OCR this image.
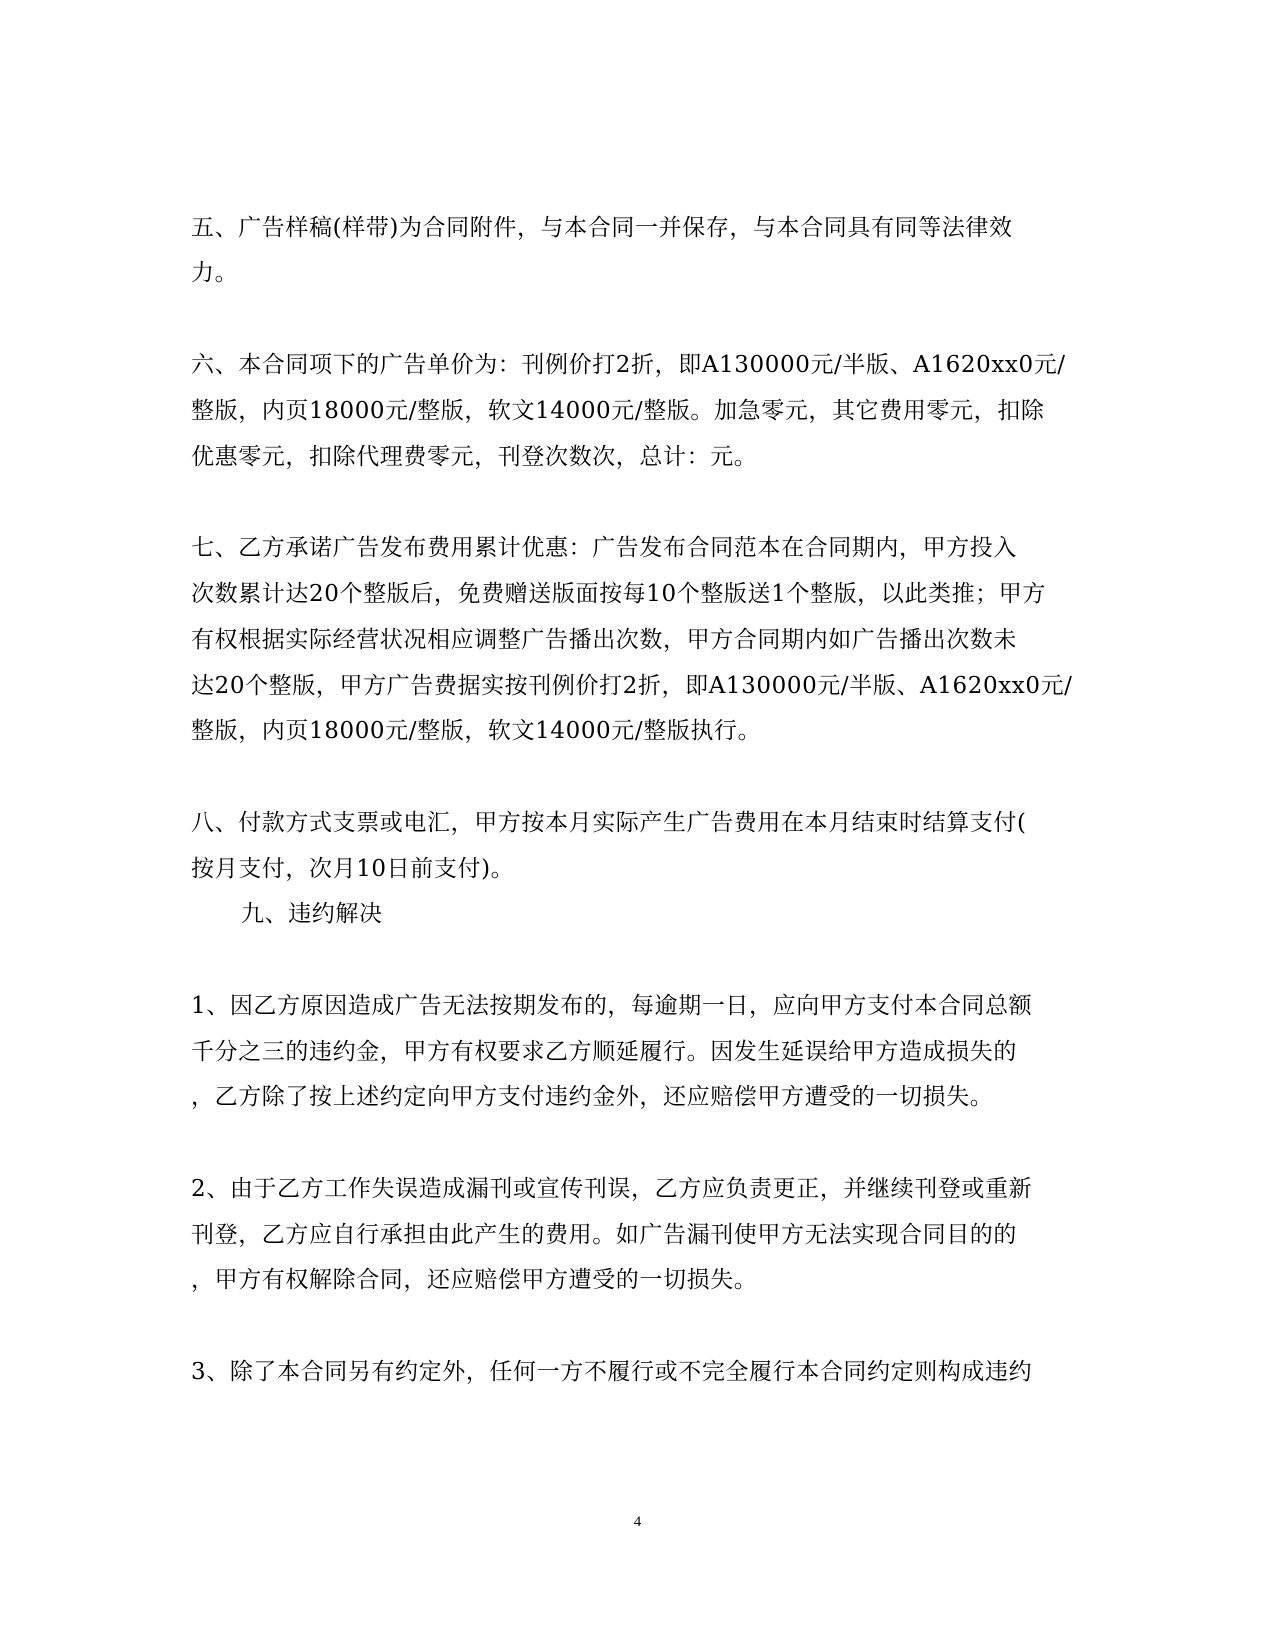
五、广告样稿(样带)为合同附件，与本合同一并保存，与本合同具有同等法律效
力。
六、本合同项下的广告单价为：刊例价打2折，即A130000元/半版、A1620xx0元/
整版，内页18000元/整版，软文14000元/整版。加急零元，其它费用零元，扣除
优惠零元，扣除代理费零元，刊登次数次，总计：元。
七、乙方承诺广告发布费用累计优惠：广告发布合同范本在合同期内，甲方投入
次数累计达20个整版后，免费赠送版面按每10个整版送1个整版，以此类推；甲方
有权根据实际经营状况相应调整广告播出次数，甲方合同期内如广告播出次数未
达20个整版，甲方广告费据实按刊例价打2折，即A130000元/半版、A1620xx0元/
整版，内页18000元/整版，软文14000元/整版执行。
八、付款方式支票或电汇，甲方按本月实际产生广告费用在本月结束时结算支付(
按月支付，次月10日前支付)。
九、违约解决
1、因乙方原因造成广告无法按期发布的，每逾期一日，应向甲方支付本合同总额
千分之三的违约金，甲方有权要求乙方顺延履行。因发生延误给甲方造成损失的
，乙方除了按上述约定向甲方支付违约金外，还应赔偿甲方遭受的一切损失。
2、由于乙方工作失误造成漏刊或宣传刊误，乙方应负责更正，并继续刊登或重新
刊登，乙方应自行承担由此产生的费用。如广告漏刊使甲方无法实现合同目的的
，甲方有权解除合同，还应赔偿甲方遭受的一切损失。
3、除了本合同另有约定外，任何一方不履行或不完全履行本合同约定则构成违约
4
